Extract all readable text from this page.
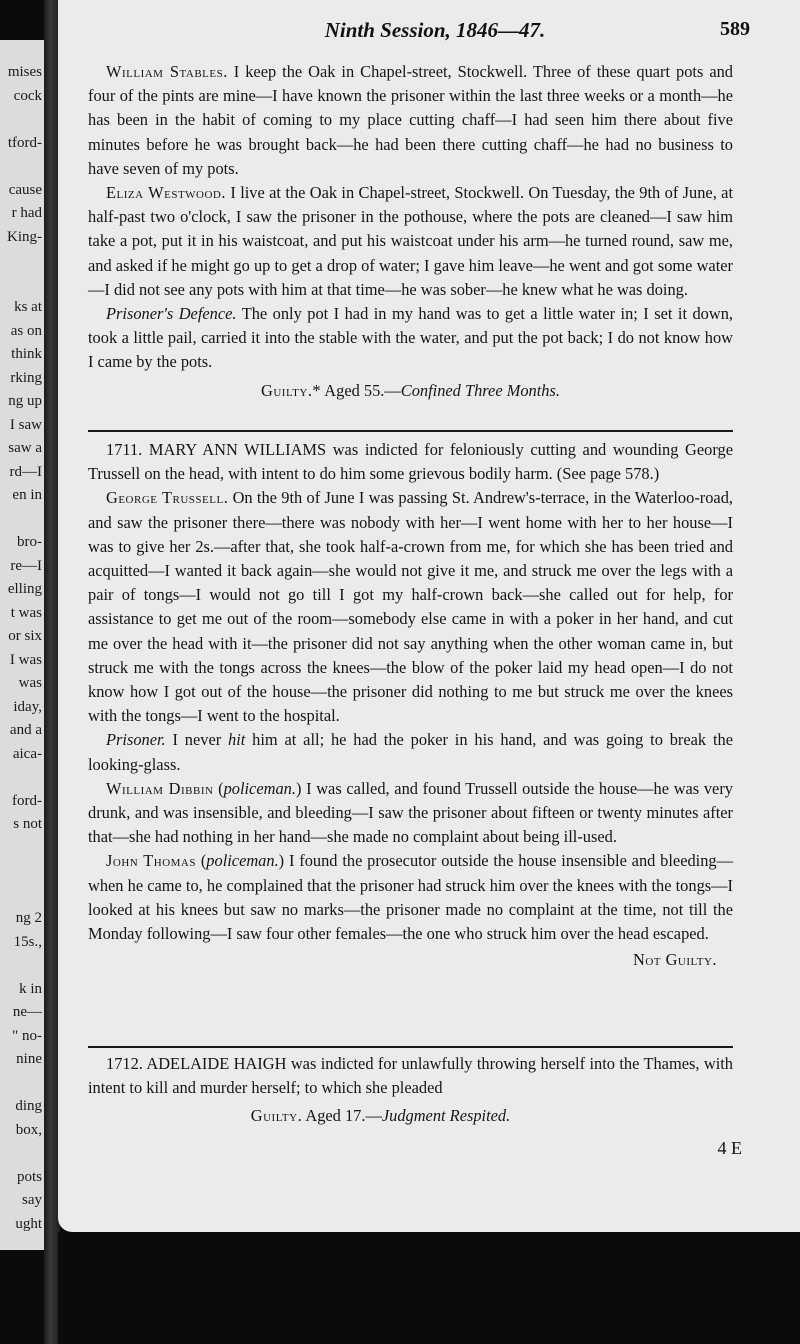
mises
cock
tford-
cause
r had
King-
ks at
as on
think
rking
ng up
I saw
saw a
rd—I
en in
bro-
re—I
elling
t was
or six
I was
was
iday,
and a
aica-
ford-
s not
ng 2
15s.,
k in
ne—
" no-
nine
ding
box,
pots
say
ught
Ninth Session, 1846—47.	589

William Stables. I keep the Oak in Chapel-street, Stockwell. Three of these quart pots and four of the pints are mine—I have known the prisoner within the last three weeks or a month—he has been in the habit of coming to my place cutting chaff—I had seen him there about five minutes before he was brought back—he had been there cutting chaff—he had no business to have seven of my pots.

Eliza Westwood. I live at the Oak in Chapel-street, Stockwell. On Tuesday, the 9th of June, at half-past two o'clock, I saw the prisoner in the pothouse, where the pots are cleaned—I saw him take a pot, put it in his waistcoat, and put his waistcoat under his arm—he turned round, saw me, and asked if he might go up to get a drop of water; I gave him leave—he went and got some water—I did not see any pots with him at that time—he was sober—he knew what he was doing.

Prisoner's Defence. The only pot I had in my hand was to get a little water in; I set it down, took a little pail, carried it into the stable with the water, and put the pot back; I do not know how I came by the pots.

Guilty.* Aged 55.—Confined Three Months.

1711. MARY ANN WILLIAMS was indicted for feloniously cutting and wounding George Trussell on the head, with intent to do him some grievous bodily harm. (See page 578.)

George Trussell. On the 9th of June I was passing St. Andrew's-terrace, in the Waterloo-road, and saw the prisoner there—there was nobody with her—I went home with her to her house—I was to give her 2s.—after that, she took half-a-crown from me, for which she has been tried and acquitted—I wanted it back again—she would not give it me, and struck me over the legs with a pair of tongs—I would not go till I got my half-crown back—she called out for help, for assistance to get me out of the room—somebody else came in with a poker in her hand, and cut me over the head with it—the prisoner did not say anything when the other woman came in, but struck me with the tongs across the knees—the blow of the poker laid my head open—I do not know how I got out of the house—the prisoner did nothing to me but struck me over the knees with the tongs—I went to the hospital.

Prisoner. I never hit him at all; he had the poker in his hand, and was going to break the looking-glass.

William Dibbin (policeman.) I was called, and found Trussell outside the house—he was very drunk, and was insensible, and bleeding—I saw the prisoner about fifteen or twenty minutes after that—she had nothing in her hand—she made no complaint about being ill-used.

John Thomas (policeman.) I found the prosecutor outside the house insensible and bleeding—when he came to, he complained that the prisoner had struck him over the knees with the tongs—I looked at his knees but saw no marks—the prisoner made no complaint at the time, not till the Monday following—I saw four other females—the one who struck him over the head escaped.

Not Guilty.

1712. ADELAIDE HAIGH was indicted for unlawfully throwing herself into the Thames, with intent to kill and murder herself; to which she pleaded

Guilty. Aged 17.—Judgment Respited.
4 E
